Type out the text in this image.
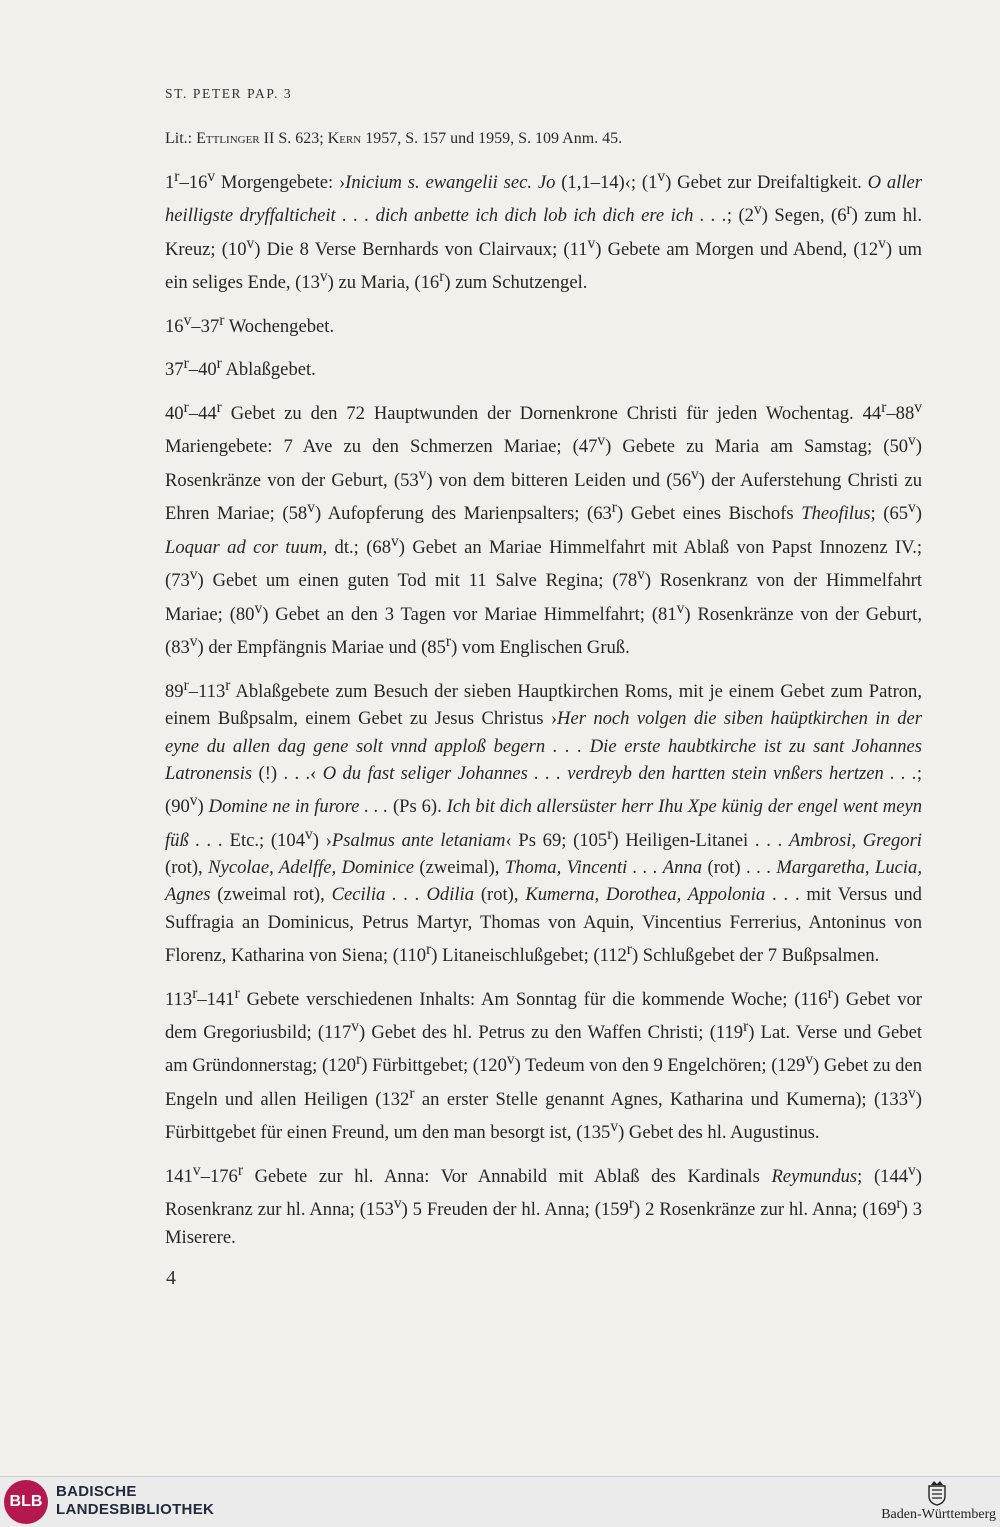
ST. PETER PAP. 3
Lit.: Ettlinger II S. 623; Kern 1957, S. 157 und 1959, S. 109 Anm. 45.

1$^r$–16$^v$ Morgengebete: ›Inicium s. ewangelii sec. Jo (1,1–14)‹; (1$^v$) Gebet zur Dreifaltigkeit. O aller heilligste dryffalticheit . . . dich anbette ich dich lob ich dich ere ich . . .; (2$^v$) Segen, (6$^r$) zum hl. Kreuz; (10$^v$) Die 8 Verse Bernhards von Clairvaux; (11$^v$) Gebete am Morgen und Abend, (12$^v$) um ein seliges Ende, (13$^v$) zu Maria, (16$^r$) zum Schutzengel.

16$^v$–37$^r$ Wochengebet.

37$^r$–40$^r$ Ablaßgebet.

40$^r$–44$^r$ Gebet zu den 72 Hauptwunden der Dornenkrone Christi für jeden Wochentag. 44$^r$–88$^v$ Mariengebete: 7 Ave zu den Schmerzen Mariae; (47$^v$) Gebete zu Maria am Samstag; (50$^v$) Rosenkränze von der Geburt, (53$^v$) von dem bitteren Leiden und (56$^v$) der Auferstehung Christi zu Ehren Mariae; (58$^v$) Aufopferung des Marienpsalters; (63$^r$) Gebet eines Bischofs Theofilus; (65$^v$) Loquar ad cor tuum, dt.; (68$^v$) Gebet an Mariae Himmelfahrt mit Ablaß von Papst Innozenz IV.; (73$^v$) Gebet um einen guten Tod mit 11 Salve Regina; (78$^v$) Rosenkranz von der Himmelfahrt Mariae; (80$^v$) Gebet an den 3 Tagen vor Mariae Himmelfahrt; (81$^v$) Rosenkränze von der Geburt, (83$^v$) der Empfängnis Mariae und (85$^r$) vom Englischen Gruß.

89$^r$–113$^r$ Ablaßgebete zum Besuch der sieben Hauptkirchen Roms, mit je einem Gebet zum Patron, einem Bußpsalm, einem Gebet zu Jesus Christus ›Her noch volgen die siben haüptkirchen in der eyne du allen dag gene solt vnnd applоß begern . . . Die erste haubtkirche ist zu sant Johannes Latronensis (!) . . .‹ O du fast seliger Johannes . . . verdreyb den hartten stein vnßers hertzen . . .; (90$^v$) Domine ne in furore . . . (Ps 6). Ich bit dich allersüster herr Ihu Xpe künig der engel went meyn füß . . . Etc.; (104$^v$) ›Psalmus ante letaniam‹ Ps 69; (105$^r$) Heiligen-Litanei . . . Ambrosi, Gregori (rot), Nycolae, Adelffe, Dominice (zweimal), Thoma, Vincenti . . . Anna (rot) . . . Margaretha, Lucia, Agnes (zweimal rot), Cecilia . . . Odilia (rot), Kumerna, Dorothea, Appolonia . . . mit Versus und Suffragia an Dominicus, Petrus Martyr, Thomas von Aquin, Vincentius Ferrerius, Antoninus von Florenz, Katharina von Siena; (110$^r$) Litaneischlußgebet; (112$^r$) Schlußgebet der 7 Bußpsalmen.

113$^r$–141$^r$ Gebete verschiedenen Inhalts: Am Sonntag für die kommende Woche; (116$^r$) Gebet vor dem Gregoriusbild; (117$^v$) Gebet des hl. Petrus zu den Waffen Christi; (119$^r$) Lat. Verse und Gebet am Gründonnerstag; (120$^r$) Fürbittgebet; (120$^v$) Tedeum von den 9 Engelchören; (129$^v$) Gebet zu den Engeln und allen Heiligen (132$^r$ an erster Stelle genannt Agnes, Katharina und Kumerna); (133$^v$) Fürbittgebet für einen Freund, um den man besorgt ist, (135$^v$) Gebet des hl. Augustinus.

141$^v$–176$^r$ Gebete zur hl. Anna: Vor Annabild mit Ablaß des Kardinals Reymundus; (144$^v$) Rosenkranz zur hl. Anna; (153$^v$) 5 Freuden der hl. Anna; (159$^r$) 2 Rosenkränze zur hl. Anna; (169$^r$) 3 Miserere.

4
BLB
BADISCHE
LANDESBIBLIOTHEK	Baden-Württemberg
